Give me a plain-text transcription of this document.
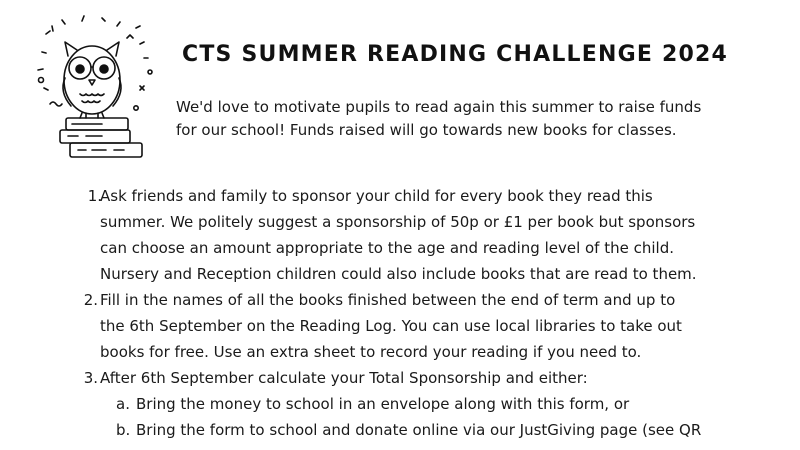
CTS SUMMER READING CHALLENGE 2024

We'd love to motivate pupils to read again this summer to raise funds

for our school! Funds raised will go towards new books for classes.

1.
Ask friends and family to sponsor your child for every book they read this
summer. We politely suggest a sponsorship of 50p or £1 per book but sponsors
can choose an amount appropriate to the age and reading level of the child.
Nursery and Reception children could also include books that are read to them.
2. Fill in the names of all the books finished between the end of term and up to
the 6th September on the Reading Log. You can use local libraries to take out
books for free. Use an extra sheet to record your reading if you need to.
3. After 6th September calculate your Total Sponsorship and either:
a. Bring the money to school in an envelope along with this form, or
b. Bring the form to school and donate online via our JustGiving page (see QR
